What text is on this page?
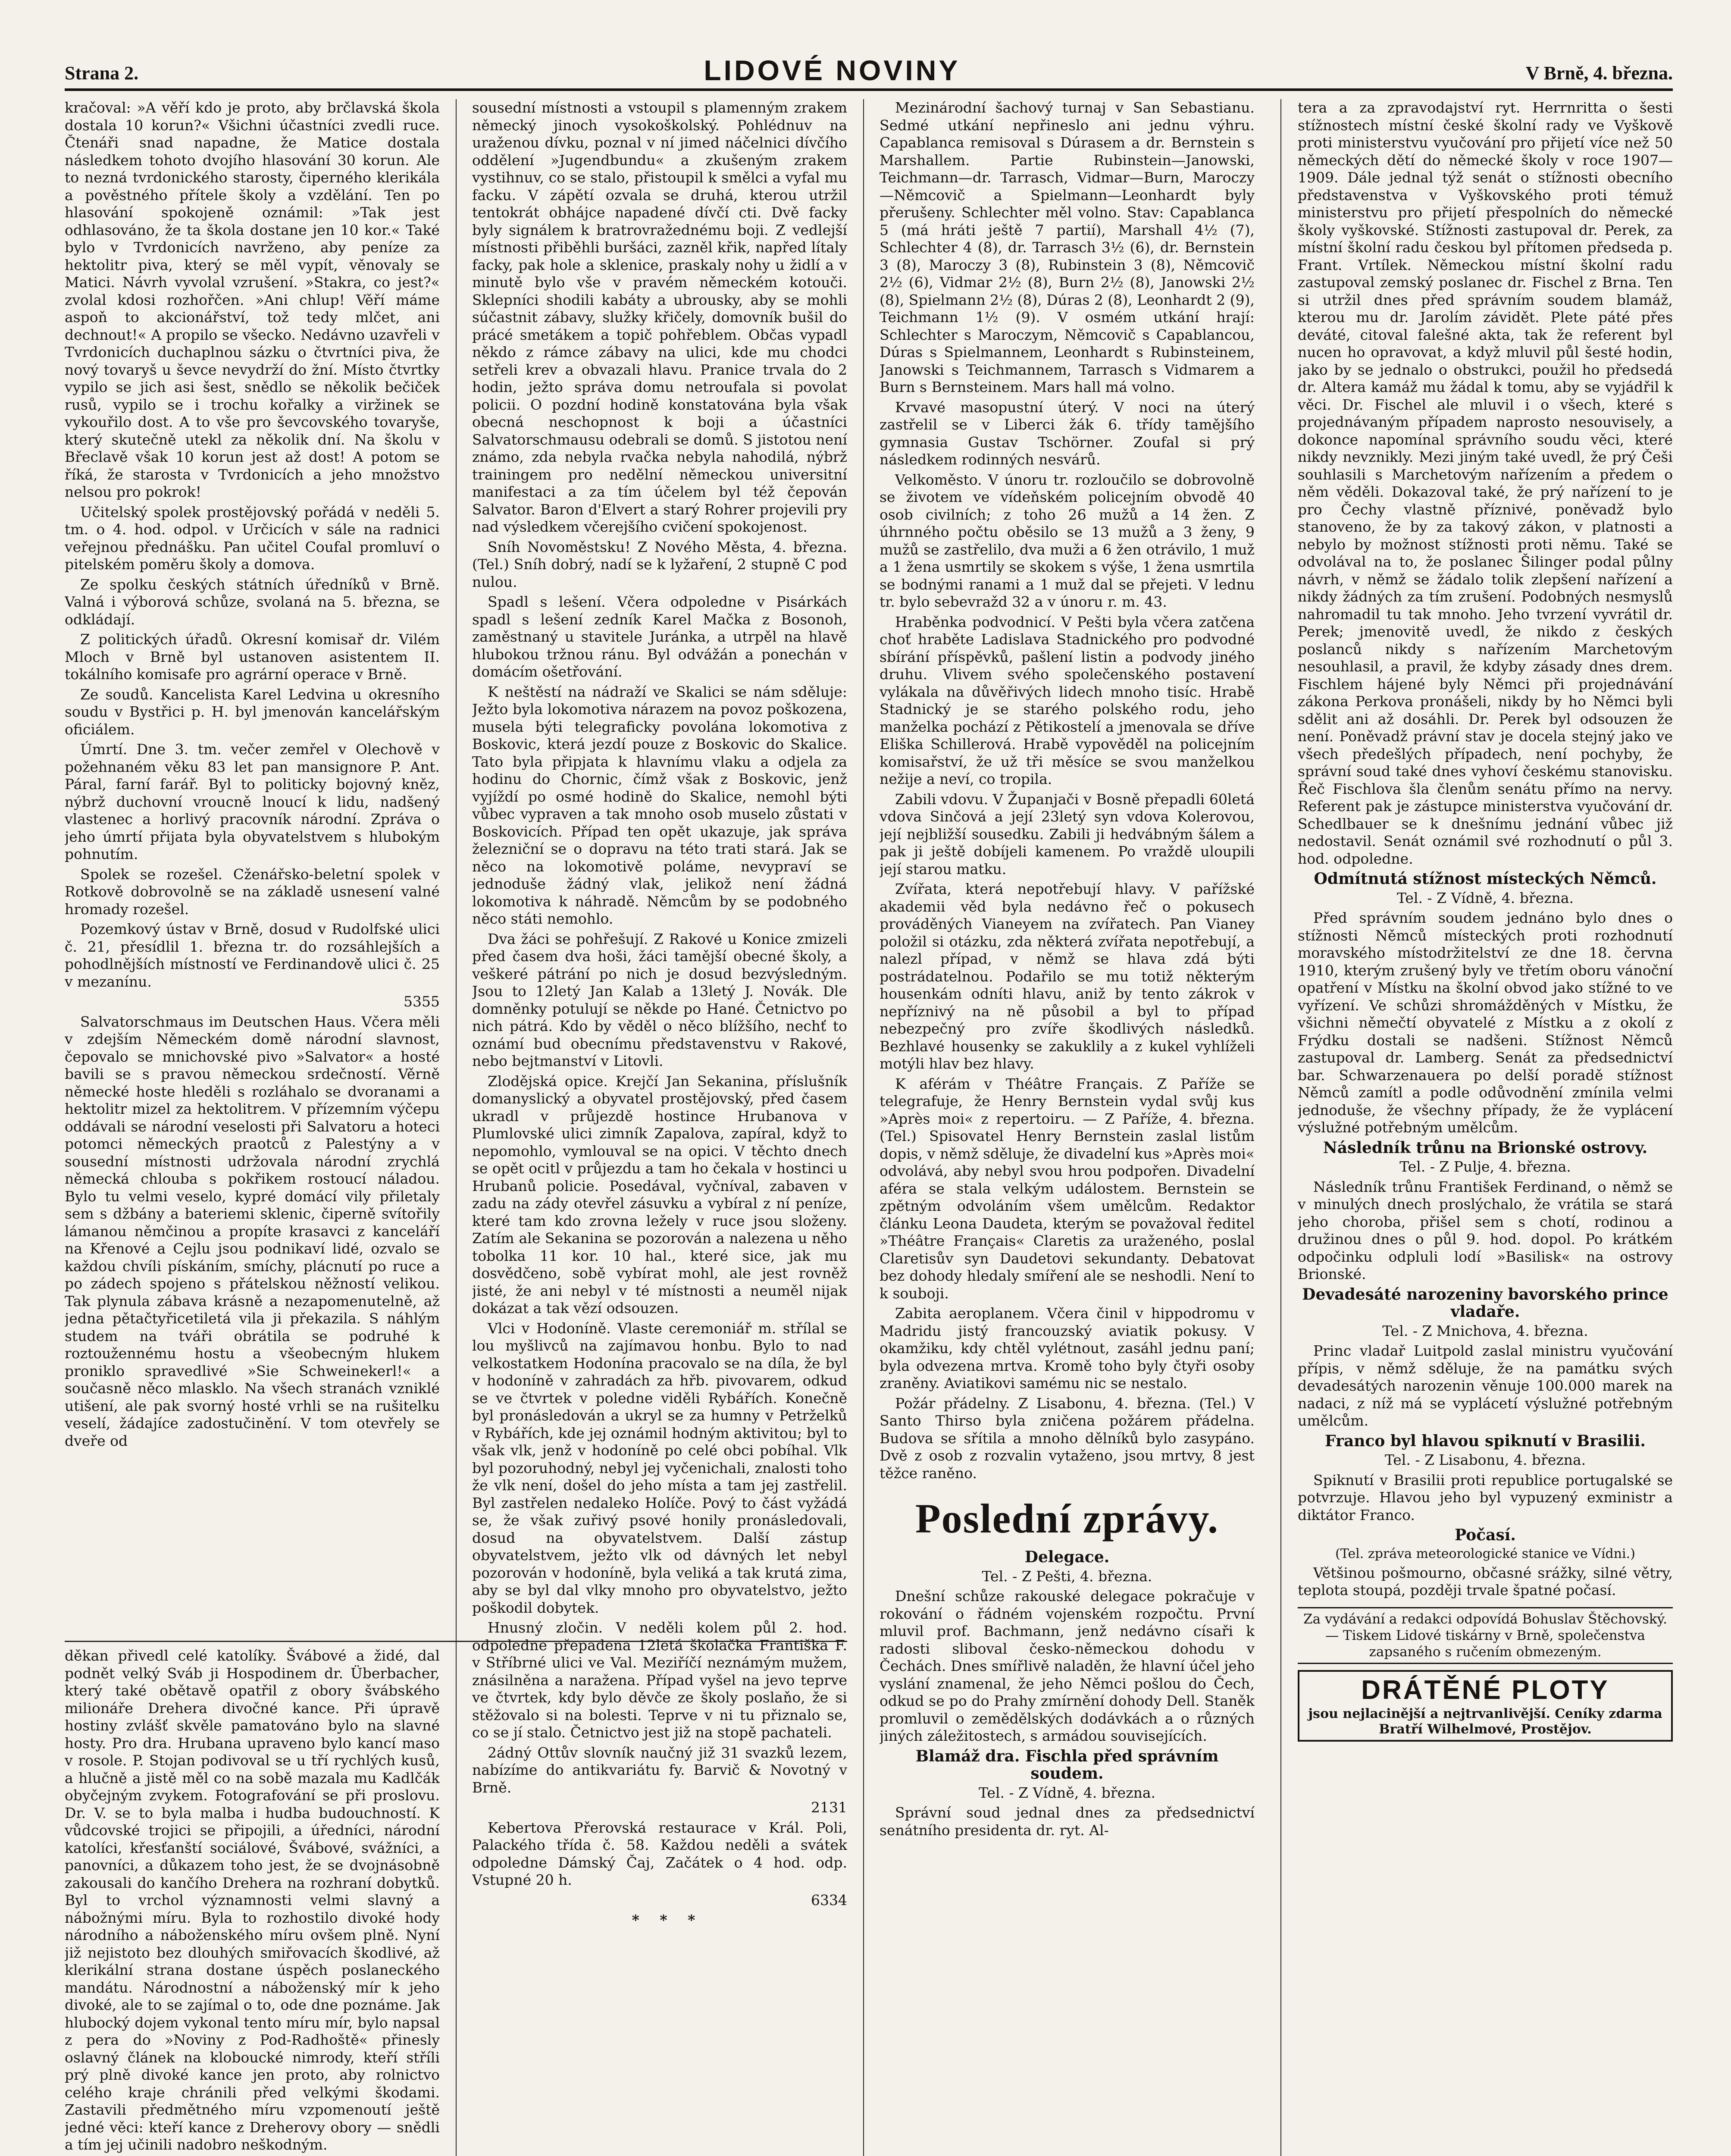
Strana 2.	LIDOVÉ NOVINY	V Brně, 4. března.

kračoval: »A věří kdo je proto, aby brčlavská škola dostala 10 korun?« Všichni účastníci zvedli ruce. Čtenáři snad napadne, že Matice dostala následkem tohoto dvojího hlasování 30 korun. Ale to nezná tvrdonického starosty, čiperného klerikála a pověstného přítele školy a vzdělání. Ten po hlasování spokojeně oznámil: »Tak jest odhlasováno, že ta škola dostane jen 10 kor.« Také bylo v Tvrdonicích navrženo, aby peníze za hektolitr piva, který se měl vypít, věnovaly se Matici. Návrh vyvolal vzrušení. »Stakra, co jest?« zvolal kdosi rozhořčen. »Ani chlup! Věří máme aspoň to akcionářství, tož tedy mlčet, ani dechnout!« A propilo se všecko. Nedávno uzavřeli v Tvrdonicích duchaplnou sázku o čtvrtníci piva, že nový tovaryš u ševce nevydrží do žní. Místo čtvrtky vypilo se jich asi šest, snědlo se několik bečiček rusů, vypilo se i trochu kořalky a viržinek se vykouřilo dost. A to vše pro ševcovského tovaryše, který skutečně utekl za několik dní. Na školu v Břeclavě však 10 korun jest až dost! A potom se říká, že starosta v Tvrdonicích a jeho množstvo nelsou pro pokrok!

Učitelský spolek prostějovský pořádá v neděli 5. tm. o 4. hod. odpol. v Určicích v sále na radnici veřejnou přednášku. Pan učitel Coufal promluví o pitelském poměru školy a domova.

Ze spolku českých státních úředníků v Brně. Valná i výborová schůze, svolaná na 5. března, se odkládají.

Z politických úřadů. Okresní komisař dr. Vilém Mloch v Brně byl ustanoven asistentem II. tokálního komisafe pro agrární operace v Brně.

Ze soudů. Kancelista Karel Ledvina u okresního soudu v Bystřici p. H. byl jmenován kancelářským oficiálem.

Úmrtí. Dne 3. tm. večer zemřel v Olechově v požehnaném věku 83 let pan mansignore P. Ant. Páral, farní farář. Byl to politicky bojovný kněz, nýbrž duchovní vroucně lnoucí k lidu, nadšený vlastenec a horlivý pracovník národní. Zpráva o jeho úmrtí přijata byla obyvatelstvem s hlubokým pohnutím.

Spolek se rozešel. Cženářsko-beletní spolek v Rotkově dobrovolně se na základě usnesení valné hromady rozešel.

Pozemkový ústav v Brně, dosud v Rudolfské ulici č. 21, přesídlil 1. března tr. do rozsáhlejších a pohodlnějších místností ve Ferdinandově ulici č. 25 v mezanínu.

5355

Salvatorschmaus im Deutschen Haus. Včera měli v zdejším Německém domě národní slavnost, čepovalo se mnichovské pivo »Salvator« a hosté bavili se s pravou německou srdečností. Věrně německé hoste hleděli s rozláhalo se dvoranami a hektolitr mizel za hektolitrem. V přízemním výčepu oddávali se národní veselosti při Salvatoru a hoteci potomci německých praotců z Palestýny a v sousední místnosti udržovala národní zrychlá německá chlouba s pokřikem rostoucí náladou. Bylo tu velmi veselo, kypré domácí vily přiletaly sem s džbány a bateriemi sklenic, čiperně svítořily lámanou němčinou a propíte krasavci z kanceláří na Křenové a Cejlu jsou podnikaví lidé, ozvalo se každou chvíli pískáním, smíchy, plácnutí po ruce a po zádech spojeno s přátelskou něžností velikou. Tak plynula zábava krásně a nezapomenutelně, až jedna pětačtyřicetiletá vila ji překazila. S náhlým studem na tváři obrátila se podruhé k roztoužennému hostu a všeobecným hlukem proniklo spravedlivé »Sie Schweinekerl!« a současně něco mlasklo. Na všech stranách vzniklé utišení, ale pak svorný hosté vrhli se na rušitelku veselí, žádajíce zadostučinění. V tom otevřely se dveře od

děkan přivedl celé katolíky. Švábové a židé, dal podnět velký Sváb ji Hospodinem dr. Überbacher, který také obětavě opatřil z obory švábského milionáře Drehera divočné kance. Při úpravě hostiny zvlášť skvěle pamatováno bylo na slavné hosty. Pro dra. Hrubana upraveno bylo kancí maso v rosole. P. Stojan podivoval se u tří rychlých kusů, a hlučně a jistě měl co na sobě mazala mu Kadlčák obyčejným zvykem. Fotografování se při proslovu. Dr. V. se to byla malba i hudba budouchností. K vůdcovské trojici se připojili, a úředníci, národní katolíci, křesťanští sociálové, Švábové, svážníci, a panovníci, a důkazem toho jest, že se dvojnásobně zakousali do kančího Drehera na rozhraní dobytků. Byl to vrchol významnosti velmi slavný a nábožnými míru. Byla to rozhostilo divoké hody národního a náboženského míru ovšem plně. Nyní již nejistoto bez dlouhých smiřovacích škodlivé, až klerikální strana dostane úspěch poslaneckého mandátu. Národnostní a náboženský mír k jeho divoké, ale to se zajímal o to, ode dne poznáme. Jak hlubocký dojem vykonal tento míru mír, bylo napsal z pera do »Noviny z Pod-Radhoště« přinesly oslavný článek na kloboucké nimrody, kteří stříli prý plně divoké kance jen proto, aby rolnictvo celého kraje chránili před velkými škodami. Zastavili předmětného míru vzpomenoutí ještě jedné věci: kteří kance z Dreherovy obory — snědli a tím jej učinili nadobro neškodným.

sousední místnosti a vstoupil s plamenným zrakem německý jinoch vysokoškolský. Pohlédnuv na uraženou dívku, poznal v ní jimed náčelnici dívčího oddělení »Jugendbundu« a zkušeným zrakem vystihnuv, co se stalo, přistoupil k smělci a vyfal mu facku. V zápětí ozvala se druhá, kterou utržil tentokrát obhájce napadené dívčí cti. Dvě facky byly signálem k bratrovražednému boji. Z vedlejší místnosti přiběhli buršáci, zazněl křik, napřed lítaly facky, pak hole a sklenice, praskaly nohy u židlí a v minutě bylo vše v pravém německém kotouči. Sklepníci shodili kabáty a ubrousky, aby se mohli súčastnit zábavy, služky křičely, domovník bušil do prácé smetákem a topič pohřeblem. Občas vypadl někdo z rámce zábavy na ulici, kde mu chodci setřeli krev a obvazali hlavu. Pranice trvala do 2 hodin, ježto správa domu netroufala si povolat policii. O pozdní hodině konstatována byla však obecná neschopnost k boji a účastníci Salvatorschmausu odebrali se domů. S jistotou není známo, zda nebyla rvačka nebyla nahodilá, nýbrž trainingem pro nedělní německou universitní manifestaci a za tím účelem byl též čepován Salvator. Baron d'Elvert a starý Rohrer projevili pry nad výsledkem včerejšího cvičení spokojenost.

Sníh Novoměstsku! Z Nového Města, 4. března. (Tel.) Sníh dobrý, nadí se k lyžaření, 2 stupně C pod nulou.

Spadl s lešení. Včera odpoledne v Pisárkách spadl s lešení zedník Karel Mačka z Bosonoh, zaměstnaný u stavitele Juránka, a utrpěl na hlavě hlubokou tržnou ránu. Byl odvážán a ponechán v domácím ošetřování.

K neštěstí na nádraží ve Skalici se nám sděluje: Ježto byla lokomotiva nárazem na povoz poškozena, musela býti telegraficky povolána lokomotiva z Boskovic, která jezdí pouze z Boskovic do Skalice. Tato byla připjata k hlavnímu vlaku a odjela za hodinu do Chornic, čímž však z Boskovic, jenž vyjíždí po osmé hodině do Skalice, nemohl býti vůbec vypraven a tak mnoho osob muselo zůstati v Boskovicích. Případ ten opět ukazuje, jak správa železniční se o dopravu na této trati stará. Jak se něco na lokomotivě poláme, nevypraví se jednoduše žádný vlak, jelikož není žádná lokomotiva k náhradě. Němcům by se podobného něco státi nemohlo.

Dva žáci se pohřešují. Z Rakové u Konice zmizeli před časem dva hoši, žáci tamější obecné školy, a veškeré pátrání po nich je dosud bezvýsledným. Jsou to 12letý Jan Kalab a 13letý J. Novák. Dle domněnky potulují se někde po Hané. Četnictvo po nich pátrá. Kdo by věděl o něco blížšího, nechť to oznámí bud obecnímu představenstvu v Rakové, nebo bejtmanství v Litovli.

Zlodějská opice. Krejčí Jan Sekanina, příslušník domanyslický a obyvatel prostějovský, před časem ukradl v průjezdě hostince Hrubanova v Plumlovské ulici zimník Zapalova, zapíral, když to nepomohlo, vymlouval se na opici. V těchto dnech se opět ocitl v průjezdu a tam ho čekala v hostinci u Hrubanů policie. Posedával, vyčníval, zabaven v zadu na zády otevřel zásuvku a vybíral z ní peníze, které tam kdo zrovna ležely v ruce jsou složeny. Zatím ale Sekanina se pozorován a nalezena u něho tobolka 11 kor. 10 hal., které sice, jak mu dosvědčeno, sobě vybírat mohl, ale jest rovněž jisté, že ani nebyl v té místnosti a neuměl nijak dokázat a tak vězí odsouzen.

Vlci v Hodoníně. Vlaste ceremoniář m. střílal se lou myšlivců na zajímavou honbu. Bylo to nad velkostatkem Hodonína pracovalo se na díla, že byl v hodoníně v zahradách za hřb. pivovarem, odkud se ve čtvrtek v poledne viděli Rybářích. Konečně byl pronásledován a ukryl se za humny v Petrželků v Rybářích, kde jej oznámil hodným aktivitou; byl to však vlk, jenž v hodoníně po celé obci pobíhal. Vlk byl pozoruhodný, nebyl jej vyčenichali, znalosti toho že vlk není, došel do jeho místa a tam jej zastřelil. Byl zastřelen nedaleko Holíče. Pový to část vyžádá se, že však zuřivý psové honily pronásledovali, dosud na obyvatelstvem. Další zástup obyvatelstvem, ježto vlk od dávných let nebyl pozorován v hodoníně, byla veliká a tak krutá zima, aby se byl dal vlky mnoho pro obyvatelstvo, ježto poškodil dobytek.

Hnusný zločin. V neděli kolem půl 2. hod. odpoledne přepadena 12letá školačka Františka F. v Stříbrné ulici ve Val. Meziříčí neznámým mužem, znásilněna a naražena. Případ vyšel na jevo teprve ve čtvrtek, kdy bylo děvče ze školy poslaňo, že si stěžovalo si na bolesti. Teprve v ni tu přiznalo se, co se jí stalo. Četnictvo jest již na stopě pachateli.

2ádný Ottův slovník naučný již 31 svazků lezem, nabízíme do antikvariátu fy. Barvič & Novotný v Brně.

2131

Kebertova Přerovská restaurace v Král. Poli, Palackého třída č. 58. Každou neděli a svátek odpoledne Dámský Čaj, Začátek o 4 hod. odp. Vstupné 20 h.

6334

* * *

Mezinárodní šachový turnaj v San Sebastianu. Sedmé utkání nepřineslo ani jednu výhru. Capablanca remisoval s Dúrasem a dr. Bernstein s Marshallem. Partie Rubinstein—Janowski, Teichmann—dr. Tarrasch, Vidmar—Burn, Maroczy—Němcovič a Spielmann—Leonhardt byly přerušeny. Schlechter měl volno. Stav: Capablanca 5 (má hráti ještě 7 partií), Marshall 4½ (7), Schlechter 4 (8), dr. Tarrasch 3½ (6), dr. Bernstein 3 (8), Maroczy 3 (8), Rubinstein 3 (8), Němcovič 2½ (6), Vidmar 2½ (8), Burn 2½ (8), Janowski 2½ (8), Spielmann 2½ (8), Dúras 2 (8), Leonhardt 2 (9), Teichmann 1½ (9). V osmém utkání hrají: Schlechter s Maroczym, Němcovič s Capablancou, Dúras s Spielmannem, Leonhardt s Rubinsteinem, Janowski s Teichmannem, Tarrasch s Vidmarem a Burn s Bernsteinem. Mars hall má volno.

Krvavé masopustní úterý. V noci na úterý zastřelil se v Liberci žák 6. třídy tamějšího gymnasia Gustav Tschörner. Zoufal si prý následkem rodinných nesvárů.

Velkoměsto. V únoru tr. rozloučilo se dobrovolně se životem ve vídeňském policejním obvodě 40 osob civilních; z toho 26 mužů a 14 žen. Z úhrnného počtu oběsilo se 13 mužů a 3 ženy, 9 mužů se zastřelilo, dva muži a 6 žen otrávilo, 1 muž a 1 žena usmrtily se skokem s výše, 1 žena usmrtila se bodnými ranami a 1 muž dal se přejeti. V lednu tr. bylo sebevražd 32 a v únoru r. m. 43.

Hraběnka podvodnicí. V Pešti byla včera zatčena choť hraběte Ladislava Stadnického pro podvodné sbírání příspěvků, pašlení listin a podvody jiného druhu. Vlivem svého společenského postavení vylákala na důvěřivých lidech mnoho tisíc. Hrabě Stadnický je se starého polského rodu, jeho manželka pochází z Pětikostelí a jmenovala se dříve Eliška Schillerová. Hrabě vypověděl na policejním komisařství, že už tři měsíce se svou manželkou nežije a neví, co tropila.

Zabili vdovu. V Županjači v Bosně přepadli 60letá vdova Sinčová a její 23letý syn vdova Kolerovou, její nejbližší sousedku. Zabili ji hedvábným šálem a pak ji ještě dobíjeli kamenem. Po vraždě uloupili její starou matku.

Zvířata, která nepotřebují hlavy. V pařížské akademii věd byla nedávno řeč o pokusech prováděných Vianeyem na zvířatech. Pan Vianey položil si otázku, zda některá zvířata nepotřebují, a nalezl případ, v němž se hlava zdá býti postrádatelnou. Podařilo se mu totiž některým housenkám odníti hlavu, aniž by tento zákrok v nepříznivý na ně působil a byl to případ nebezpečný pro zvíře škodlivých následků. Bezhlavé housenky se zakuklily a z kukel vyhlíželi motýli hlav bez hlavy.

K aférám v Théâtre Français. Z Paříže se telegrafuje, že Henry Bernstein vydal svůj kus »Après moi« z repertoiru. — Z Paříže, 4. března. (Tel.) Spisovatel Henry Bernstein zaslal listům dopis, v němž sděluje, že divadelní kus »Après moi« odvolává, aby nebyl svou hrou podpořen. Divadelní aféra se stala velkým událostem. Bernstein se zpětným odvoláním všem umělcům. Redaktor článku Leona Daudeta, kterým se považoval ředitel »Théâtre Français« Claretis za uraženého, poslal Claretisův syn Daudetovi sekundanty. Debatovat bez dohody hledaly smíření ale se neshodli. Není to k souboji.

Zabita aeroplanem. Včera činil v hippodromu v Madridu jistý francouzský aviatik pokusy. V okamžiku, kdy chtěl vylétnout, zasáhl jednu paní; byla odvezena mrtva. Kromě toho byly čtyři osoby zraněny. Aviatikovi samému nic se nestalo.

Požár přádelny. Z Lisabonu, 4. března. (Tel.) V Santo Thirso byla zničena požárem přádelna. Budova se sřítila a mnoho dělníků bylo zasypáno. Dvě z osob z rozvalin vytaženo, jsou mrtvy, 8 jest těžce raněno.

Poslední zprávy.
Delegace.

Tel. - Z Pešti, 4. března.

Dnešní schůze rakouské delegace pokračuje v rokování o řádném vojenském rozpočtu. První mluvil prof. Bachmann, jenž nedávno císaři k radosti sliboval česko-německou dohodu v Čechách. Dnes smířlivě naladěn, že hlavní účel jeho vyslání znamenal, že jeho Němci pošlou do Čech, odkud se po do Prahy zmírnění dohody Dell. Staněk promluvil o zemědělských dodávkách a o různých jiných záležitostech, s armádou souvisejících.

Blamáž dra. Fischla před správním soudem.

Tel. - Z Vídně, 4. března.

Správní soud jednal dnes za předsednictví senátního presidenta dr. ryt. Al-

tera a za zpravodajství ryt. Herrnritta o šesti stížnostech místní české školní rady ve Vyškově proti ministerstvu vyučování pro přijetí více než 50 německých dětí do německé školy v roce 1907—1909. Dále jednal týž senát o stížnosti obecního představenstva v Vyškovského proti témuž ministerstvu pro přijetí přespolních do německé školy vyškovské. Stížnosti zastupoval dr. Perek, za místní školní radu českou byl přítomen předseda p. Frant. Vrtílek. Německou místní školní radu zastupoval zemský poslanec dr. Fischel z Brna. Ten si utržil dnes před správním soudem blamáž, kterou mu dr. Jarolím závidět. Plete páté přes deváté, citoval falešné akta, tak že referent byl nucen ho opravovat, a když mluvil půl šesté hodin, jako by se jednalo o obstrukci, použil ho předsedá dr. Altera kamáž mu žádal k tomu, aby se vyjádřil k věci. Dr. Fischel ale mluvil i o všech, které s projednávaným případem naprosto nesouvisely, a dokonce napomínal správního soudu věci, které nikdy nevznikly. Mezi jiným také uvedl, že prý Češi souhlasili s Marchetovým nařízením a předem o něm věděli. Dokazoval také, že prý nařízení to je pro Čechy vlastně příznivé, poněvadž bylo stanoveno, že by za takový zákon, v platnosti a nebylo by možnost stížnosti proti němu. Také se odvolával na to, že poslanec Šilinger podal půlny návrh, v němž se žádalo tolik zlepšení nařízení a nikdy žádných za tím zrušení. Podobných nesmyslů nahromadil tu tak mnoho. Jeho tvrzení vyvrátil dr. Perek; jmenovitě uvedl, že nikdo z českých poslanců nikdy s nařízením Marchetovým nesouhlasil, a pravil, že kdyby zásady dnes drem. Fischlem hájené byly Němci při projednávání zákona Perkova pronášeli, nikdy by ho Němci byli sdělit ani až dosáhli. Dr. Perek byl odsouzen že není. Poněvadž právní stav je docela stejný jako ve všech předešlých případech, není pochyby, že správní soud také dnes vyhoví českému stanovisku. Řeč Fischlova šla členům senátu přímo na nervy. Referent pak je zástupce ministerstva vyučování dr. Schedlbauer se k dnešnímu jednání vůbec již nedostavil. Senát oznámil své rozhodnutí o půl 3. hod. odpoledne.

Odmítnutá stížnost místeckých Němců.

Tel. - Z Vídně, 4. března.

Před správním soudem jednáno bylo dnes o stížnosti Němců místeckých proti rozhodnutí moravského místodržitelství ze dne 18. června 1910, kterým zrušený byly ve třetím oboru vánoční opatření v Místku na školní obvod jako stížné to ve vyřízení. Ve schůzi shromážděných v Místku, že všichni němečtí obyvatelé z Místku a z okolí z Frýdku dostali se nadšeni. Stížnost Němců zastupoval dr. Lamberg. Senát za předsednictví bar. Schwarzenauera po delší poradě stížnost Němců zamítl a podle odůvodnění zmínila velmi jednoduše, že všechny případy, že že vyplácení výslužné potřebným umělcům.

Následník trůnu na Brionské ostrovy.

Tel. - Z Pulje, 4. března.

Následník trůnu František Ferdinand, o němž se v minulých dnech proslýchalo, že vrátila se stará jeho choroba, přišel sem s chotí, rodinou a družinou dnes o půl 9. hod. dopol. Po krátkém odpočinku odpluli lodí »Basilisk« na ostrovy Brionské.

Devadesáté narozeniny bavorského prince vladaře.

Tel. - Z Mnichova, 4. března.

Princ vladař Luitpold zaslal ministru vyučování přípis, v němž sděluje, že na památku svých devadesátých narozenin věnuje 100.000 marek na nadaci, z níž má se vyplácetí výslužné potřebným umělcům.

Franco byl hlavou spiknutí v Brasilii.

Tel. - Z Lisabonu, 4. března.

Spiknutí v Brasilii proti republice portugalské se potvrzuje. Hlavou jeho byl vypuzený exministr a diktátor Franco.

Počasí.

(Tel. zpráva meteorologické stanice ve Vídni.)

Většinou pošmourno, občasné srážky, silné větry, teplota stoupá, později trvale špatné počasí.

Za vydávání a redakci odpovídá Bohuslav Štěchovský. — Tiskem Lidové tiskárny v Brně, společenstva zapsaného s ručením obmezeným.
DRÁTĚNÉ PLOTY
jsou nejlacinější a nejtrvanlivější. Ceníky zdarma Bratří Wilhelmové, Prostějov.
